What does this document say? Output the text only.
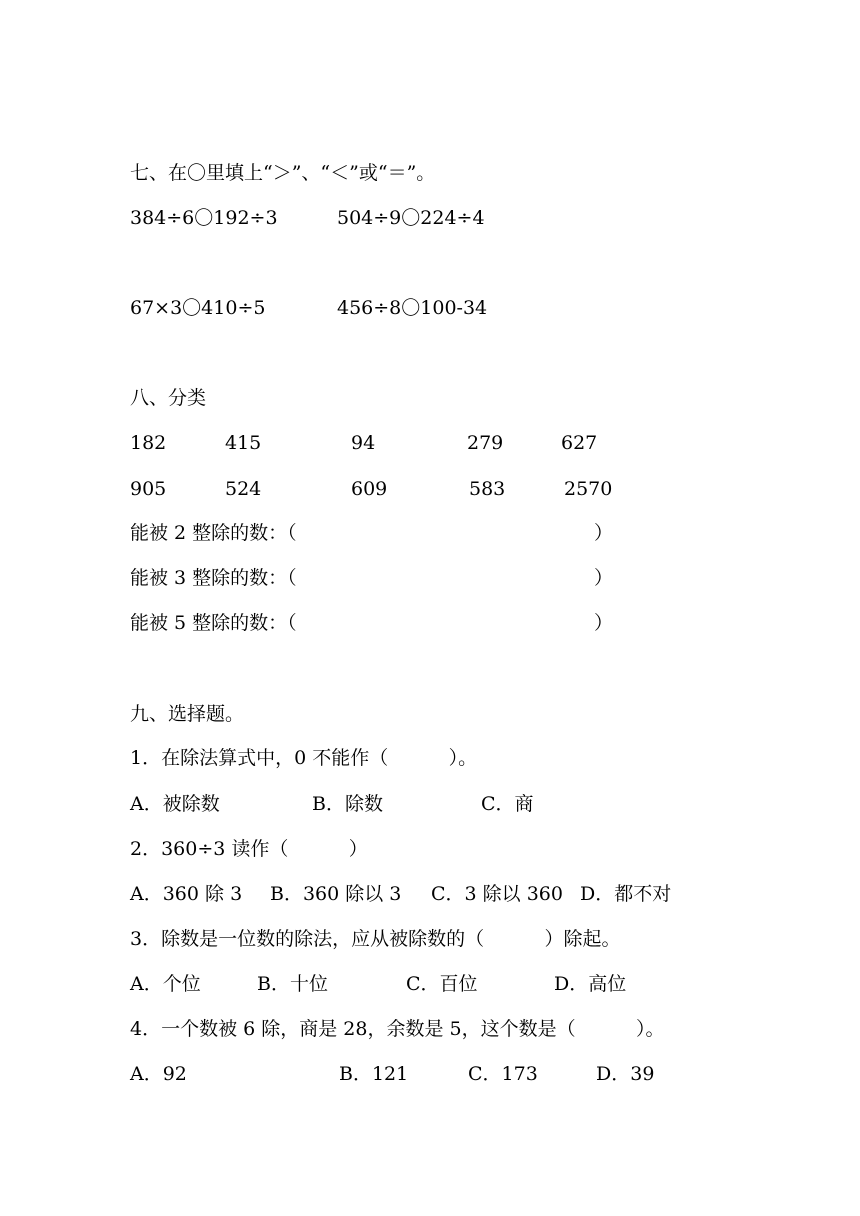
七、在〇里填上“＞”、“＜”或“＝”。

384÷6〇192÷3	504÷9〇224÷4

67×3〇410÷5	456÷8〇100-34

八、分类

182	415	94	279	627

905	524	609	583	2570

能被 2 整除的数：（	）

能被 3 整除的数：（	）

能被 5 整除的数：（	）

九、选择题。

1．在除法算式中，0 不能作（          ）。

A．被除数	B．除数	C．商

2．360÷3 读作（          ）

A．360 除 3 B．360 除以 3 C．3 除以 360 D．都不对

3．除数是一位数的除法，应从被除数的（          ）除起。

A．个位	B．十位	C．百位	D．高位

4．一个数被 6 除，商是 28，余数是 5，这个数是（          ）。

A．92	B．121	C．173	D．39
